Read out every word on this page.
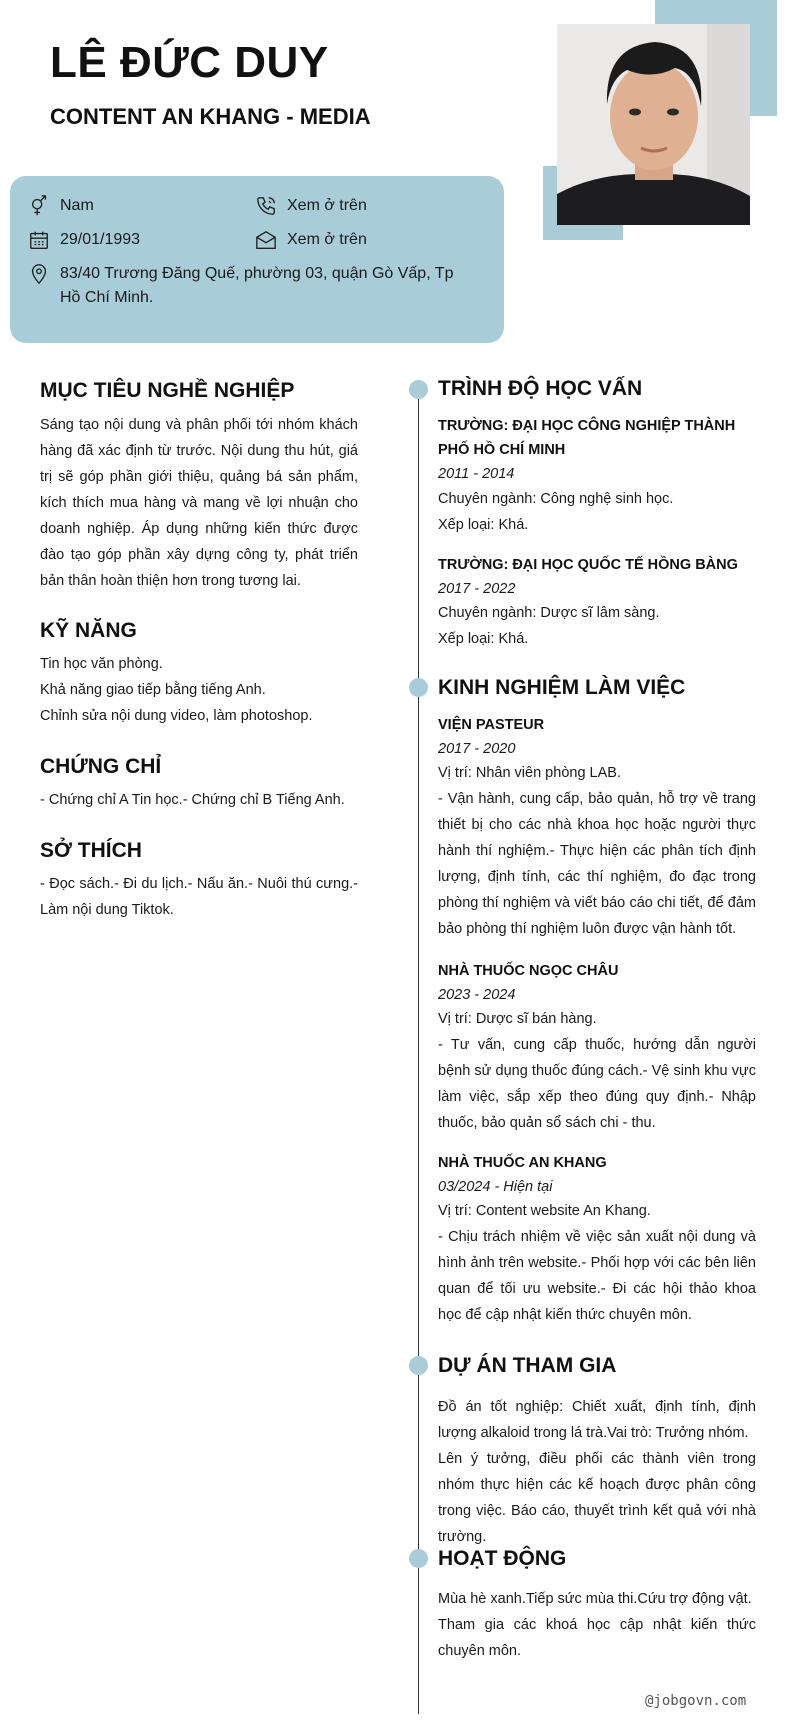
LÊ ĐỨC DUY
CONTENT AN KHANG - MEDIA
Nam	Xem ở trên
29/01/1993	Xem ở trên
83/40 Trương Đăng Quế, phường 03, quận Gò Vấp, Tp Hồ Chí Minh.
MỤC TIÊU NGHỀ NGHIỆP

Sáng tạo nội dung và phân phối tới nhóm khách hàng đã xác định từ trước. Nội dung thu hút, giá trị sẽ góp phần giới thiệu, quảng bá sản phẩm, kích thích mua hàng và mang về lợi nhuận cho doanh nghiệp. Áp dụng những kiến thức được đào tạo góp phần xây dựng công ty, phát triển bản thân hoàn thiện hơn trong tương lai.

KỸ NĂNG

Tin học văn phòng.

Khả năng giao tiếp bằng tiếng Anh.

Chỉnh sửa nội dung video, làm photoshop.

CHỨNG CHỈ

- Chứng chỉ A Tin học.- Chứng chỉ B Tiếng Anh.

SỞ THÍCH

- Đọc sách.- Đi du lịch.- Nấu ăn.- Nuôi thú cưng.- Làm nội dung Tiktok.

TRÌNH ĐỘ HỌC VẤN

TRƯỜNG: ĐẠI HỌC CÔNG NGHIỆP THÀNH PHỐ HỒ CHÍ MINH

2011 - 2014

Chuyên ngành: Công nghệ sinh học.

Xếp loại: Khá.

TRƯỜNG: ĐẠI HỌC QUỐC TẾ HỒNG BÀNG

2017 - 2022

Chuyên ngành: Dược sĩ lâm sàng.

Xếp loại: Khá.

KINH NGHIỆM LÀM VIỆC

VIỆN PASTEUR

2017 - 2020

Vị trí: Nhân viên phòng LAB.

- Vận hành, cung cấp, bảo quản, hỗ trợ về trang thiết bị cho các nhà khoa học hoặc người thực hành thí nghiệm.- Thực hiện các phân tích định lượng, định tính, các thí nghiệm, đo đạc trong phòng thí nghiệm và viết báo cáo chi tiết, để đảm bảo phòng thí nghiệm luôn được vận hành tốt.

NHÀ THUỐC NGỌC CHÂU

2023 - 2024

Vị trí: Dược sĩ bán hàng.

- Tư vấn, cung cấp thuốc, hướng dẫn người bệnh sử dụng thuốc đúng cách.- Vệ sinh khu vực làm việc, sắp xếp theo đúng quy định.- Nhập thuốc, bảo quản sổ sách chi - thu.

NHÀ THUỐC AN KHANG

03/2024 - Hiện tại

Vị trí: Content website An Khang.

- Chịu trách nhiệm về việc sản xuất nội dung và hình ảnh trên website.- Phối hợp với các bên liên quan để tối ưu website.- Đi các hội thảo khoa học để cập nhật kiến thức chuyên môn.

DỰ ÁN THAM GIA

Đồ án tốt nghiệp: Chiết xuất, định tính, định lượng alkaloid trong lá trà.Vai trò: Trưởng nhóm.

Lên ý tưởng, điều phối các thành viên trong nhóm thực hiện các kế hoạch được phân công trong việc. Báo cáo, thuyết trình kết quả với nhà trường.

HOẠT ĐỘNG

Mùa hè xanh.Tiếp sức mùa thi.Cứu trợ động vật.

Tham gia các khoá học cập nhật kiến thức chuyên môn.

@jobgovn.com
